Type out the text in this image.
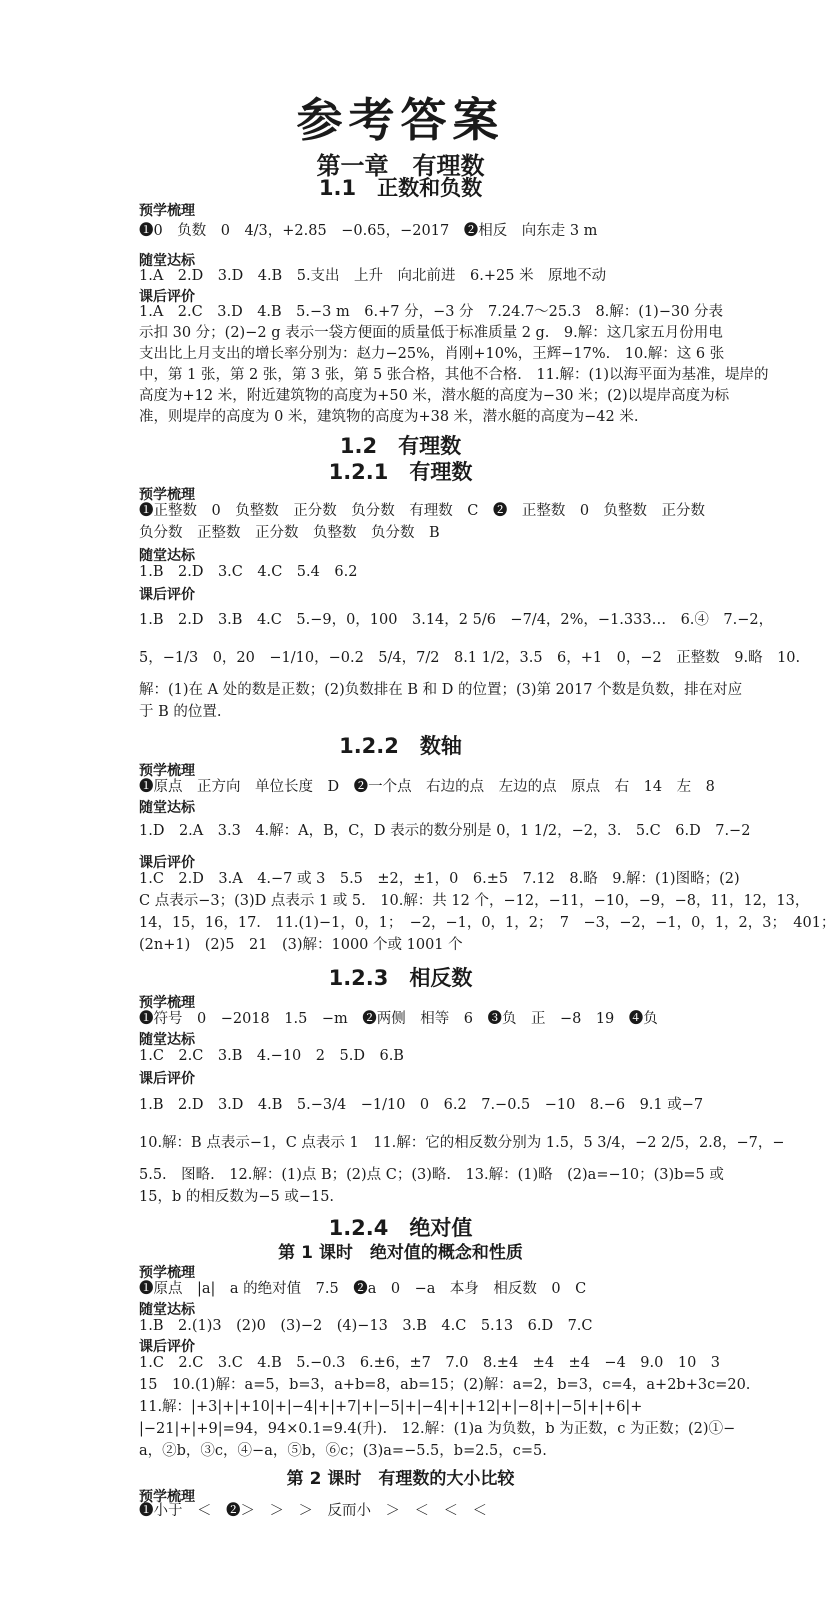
参考答案
第一章　有理数
1.1　正数和负数
预学梳理
❶0　负数　0　4/3，+2.85　−0.65，−2017　❷相反　向东走 3 m
随堂达标
1.A　2.D　3.D　4.B　5.支出　上升　向北前进　6.+25 米　原地不动
课后评价
1.A　2.C　3.D　4.B　5.−3 m　6.+7 分，−3 分　7.24.7～25.3　8.解：(1)−30 分表
示扣 30 分；(2)−2 g 表示一袋方便面的质量低于标准质量 2 g.　9.解：这几家五月份用电
支出比上月支出的增长率分别为：赵力−25%，肖刚+10%，王辉−17%.　10.解：这 6 张
中，第 1 张，第 2 张，第 3 张，第 5 张合格，其他不合格.　11.解：(1)以海平面为基准，堤岸的
高度为+12 米，附近建筑物的高度为+50 米，潜水艇的高度为−30 米；(2)以堤岸高度为标
准，则堤岸的高度为 0 米，建筑物的高度为+38 米，潜水艇的高度为−42 米.
1.2　有理数
1.2.1　有理数
预学梳理
❶正整数　0　负整数　正分数　负分数　有理数　C　❷　正整数　0　负整数　正分数
负分数　正整数　正分数　负整数　负分数　B
随堂达标
1.B　2.D　3.C　4.C　5.4　6.2
课后评价
1.B　2.D　3.B　4.C　5.−9，0，100　3.14，2 5/6　−7/4，2%，−1.333…　6.④　7.−2，
5，−1/3　0，20　−1/10，−0.2　5/4，7/2　8.1 1/2，3.5　6，+1　0，−2　正整数　9.略　10.
解：(1)在 A 处的数是正数；(2)负数排在 B 和 D 的位置；(3)第 2017 个数是负数，排在对应
于 B 的位置.
1.2.2　数轴
预学梳理
❶原点　正方向　单位长度　D　❷一个点　右边的点　左边的点　原点　右　14　左　8
随堂达标
1.D　2.A　3.3　4.解：A，B，C，D 表示的数分别是 0，1 1/2，−2，3.　5.C　6.D　7.−2
课后评价
1.C　2.D　3.A　4.−7 或 3　5.5　±2，±1，0　6.±5　7.12　8.略　9.解：(1)图略；(2)
C 点表示−3；(3)D 点表示 1 或 5.　10.解：共 12 个，−12，−11，−10，−9，−8，11，12，13，
14，15，16，17.　11.(1)−1，0，1；　−2，−1，0，1，2；　7　−3，−2，−1，0，1，2，3；　401；
(2n+1)　(2)5　21　(3)解：1000 个或 1001 个
1.2.3　相反数
预学梳理
❶符号　0　−2018　1.5　−m　❷两侧　相等　6　❸负　正　−8　19　❹负
随堂达标
1.C　2.C　3.B　4.−10　2　5.D　6.B
课后评价
1.B　2.D　3.D　4.B　5.−3/4　−1/10　0　6.2　7.−0.5　−10　8.−6　9.1 或−7
10.解：B 点表示−1，C 点表示 1　11.解：它的相反数分别为 1.5，5 3/4，−2 2/5，2.8，−7，−
5.5.　图略.　12.解：(1)点 B；(2)点 C；(3)略.　13.解：(1)略　(2)a=−10；(3)b=5 或
15，b 的相反数为−5 或−15.
1.2.4　绝对值
第 1 课时　绝对值的概念和性质
预学梳理
❶原点　|a|　a 的绝对值　7.5　❷a　0　−a　本身　相反数　0　C
随堂达标
1.B　2.(1)3　(2)0　(3)−2　(4)−13　3.B　4.C　5.13　6.D　7.C
课后评价
1.C　2.C　3.C　4.B　5.−0.3　6.±6，±7　7.0　8.±4　±4　±4　−4　9.0　10　3
15　10.(1)解：a=5，b=3，a+b=8，ab=15；(2)解：a=2，b=3，c=4，a+2b+3c=20.
11.解：|+3|+|+10|+|−4|+|+7|+|−5|+|−4|+|+12|+|−8|+|−5|+|+6|+
|−21|+|+9|=94，94×0.1=9.4(升).　12.解：(1)a 为负数，b 为正数，c 为正数；(2)①−
a，②b，③c，④−a，⑤b，⑥c；(3)a=−5.5，b=2.5，c=5.
第 2 课时　有理数的大小比较
预学梳理
❶小于　＜　❷＞　＞　＞　反而小　＞　＜　＜　＜
